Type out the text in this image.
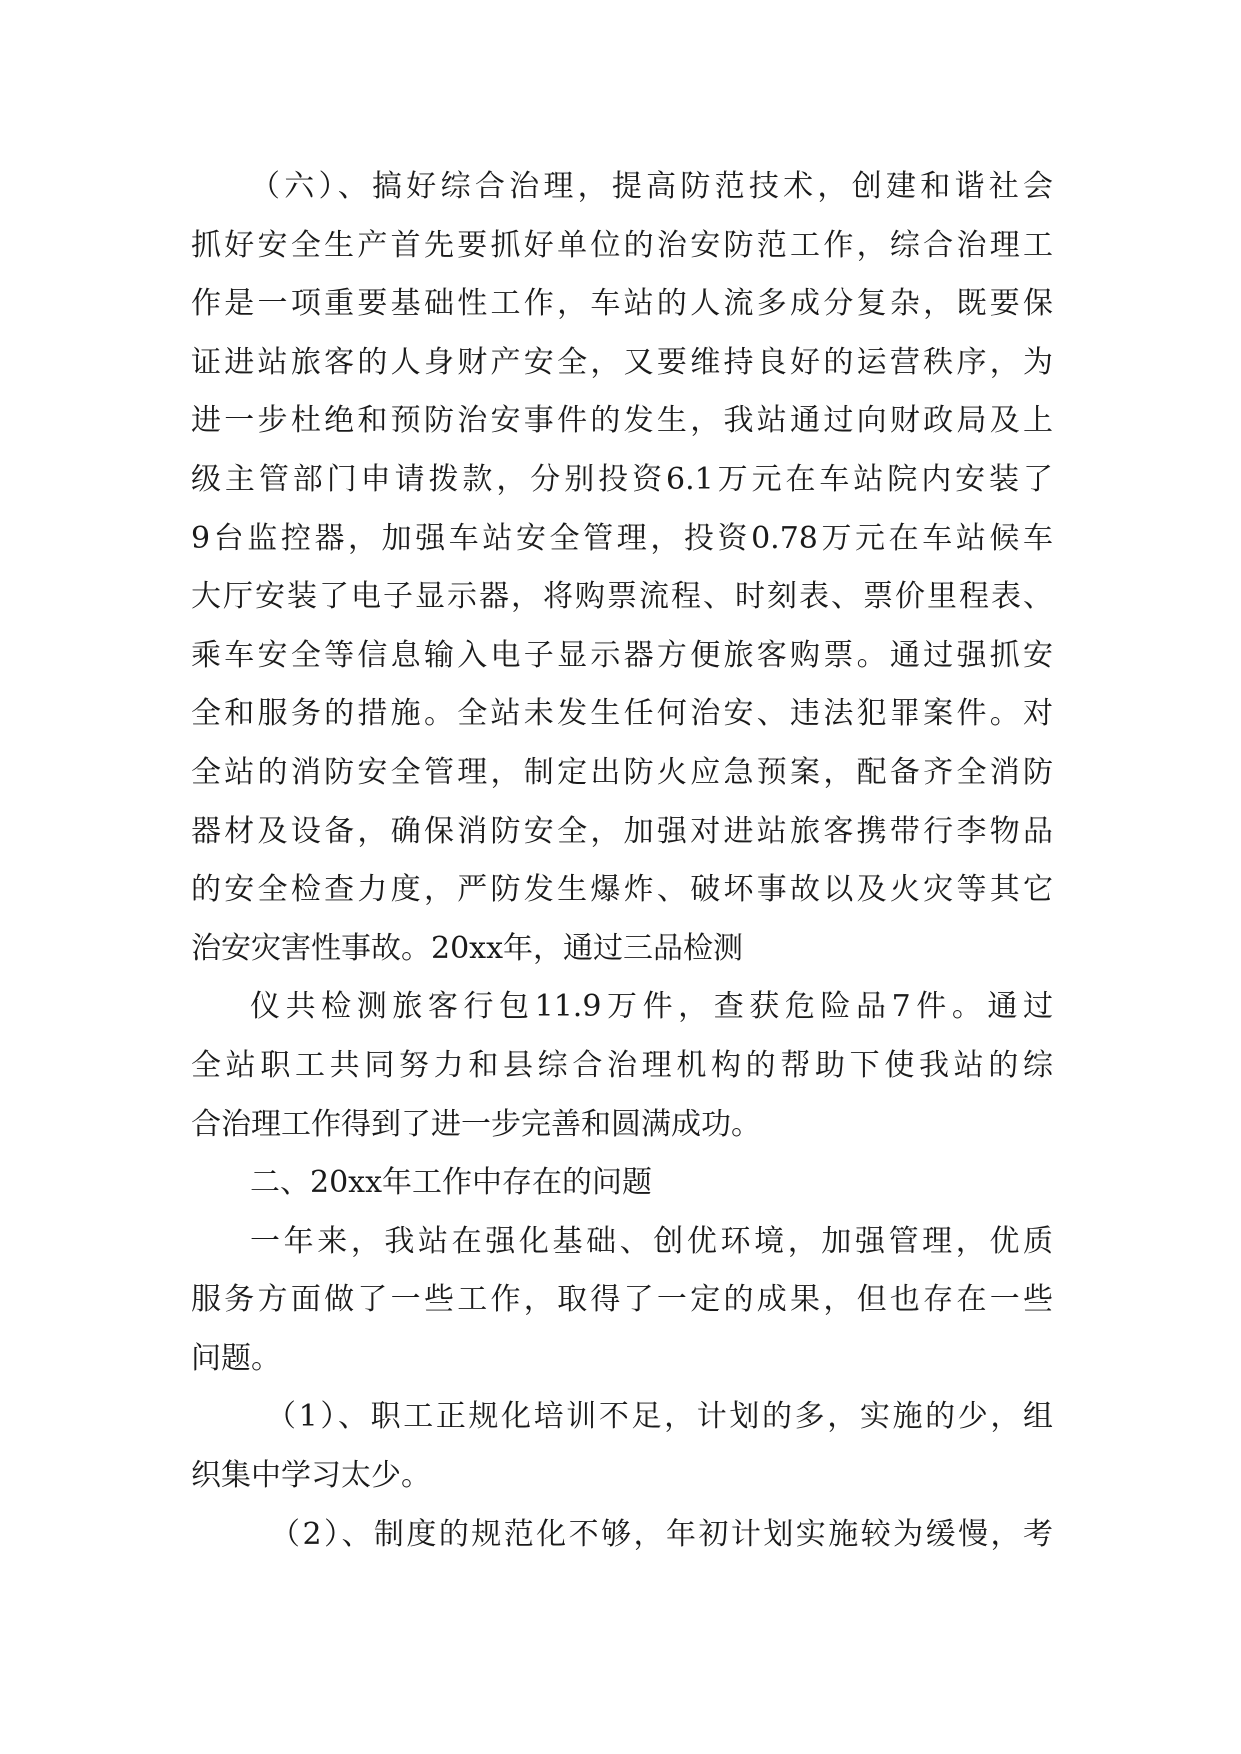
（六）、搞好综合治理，提高防范技术，创建和谐社会
抓好安全生产首先要抓好单位的治安防范工作，综合治理工
作是一项重要基础性工作，车站的人流多成分复杂，既要保
证进站旅客的人身财产安全，又要维持良好的运营秩序，为
进一步杜绝和预防治安事件的发生，我站通过向财政局及上
级主管部门申请拨款，分别投资6.1万元在车站院内安装了
9台监控器，加强车站安全管理，投资0.78万元在车站候车
大厅安装了电子显示器，将购票流程、时刻表、票价里程表、
乘车安全等信息输入电子显示器方便旅客购票。通过强抓安
全和服务的措施。全站未发生任何治安、违法犯罪案件。对
全站的消防安全管理，制定出防火应急预案，配备齐全消防
器材及设备，确保消防安全，加强对进站旅客携带行李物品
的安全检查力度，严防发生爆炸、破坏事故以及火灾等其它
治安灾害性事故。20xx年，通过三品检测
仪共检测旅客行包11.9万件，查获危险品7件。通过
全站职工共同努力和县综合治理机构的帮助下使我站的综
合治理工作得到了进一步完善和圆满成功。
二、20xx年工作中存在的问题
一年来，我站在强化基础、创优环境，加强管理，优质
服务方面做了一些工作，取得了一定的成果，但也存在一些
问题。
（1）、职工正规化培训不足，计划的多，实施的少，组
织集中学习太少。
（2）、制度的规范化不够，年初计划实施较为缓慢，考
